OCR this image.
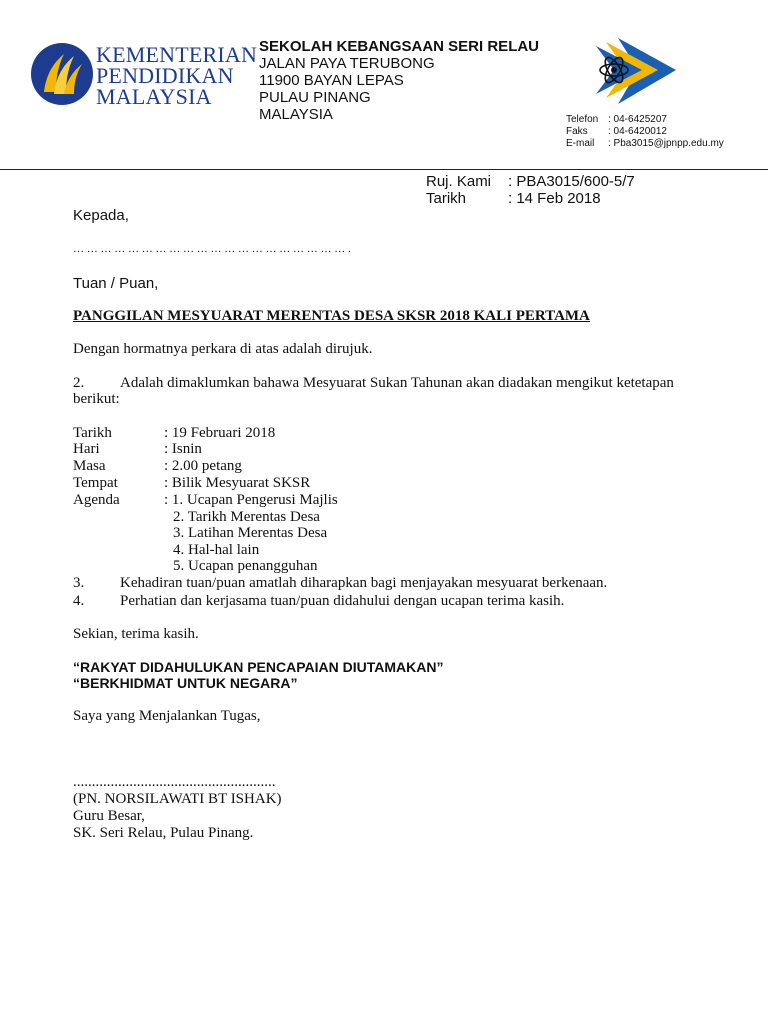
KEMENTERIAN
PENDIDIKAN
MALAYSIA
SEKOLAH KEBANGSAAN SERI RELAU
JALAN PAYA TERUBONG
11900 BAYAN LEPAS
PULAU PINANG
MALAYSIA	Telefon : 04-6425207
Faks : 04-6420012
E-mail : Pba3015@jpnpp.edu.my
Ruj. Kami : PBA3015/600-5/7
Tarikh	: 14 Feb 2018
Kepada,
… … … … … … … … … … … … … … … … … … … … .
Tuan / Puan,
PANGGILAN MESYUARAT MERENTAS DESA SKSR 2018 KALI PERTAMA
Dengan hormatnya perkara di atas adalah dirujuk.
2. Adalah dimaklumkan bahawa Mesyuarat Sukan Tahunan akan diadakan mengikut ketetapan
berikut:
Tarikh	: 19 Februari 2018
Hari	: Isnin
Masa	: 2.00 petang
Tempat	: Bilik Mesyuarat SKSR
Agenda	: 1. Ucapan Pengerusi Majlis
2. Tarikh Merentas Desa
3. Latihan Merentas Desa
4. Hal-hal lain
5. Ucapan penangguhan
3. Kehadiran tuan/puan amatlah diharapkan bagi menjayakan mesyuarat berkenaan.
4. Perhatian dan kerjasama tuan/puan didahului dengan ucapan terima kasih.
Sekian, terima kasih.
“RAKYAT DIDAHULUKAN PENCAPAIAN DIUTAMAKAN”
“BERKHIDMAT UNTUK NEGARA”
Saya yang Menjalankan Tugas,
......................................................
(PN. NORSILAWATI BT ISHAK)
Guru Besar,
SK. Seri Relau, Pulau Pinang.
